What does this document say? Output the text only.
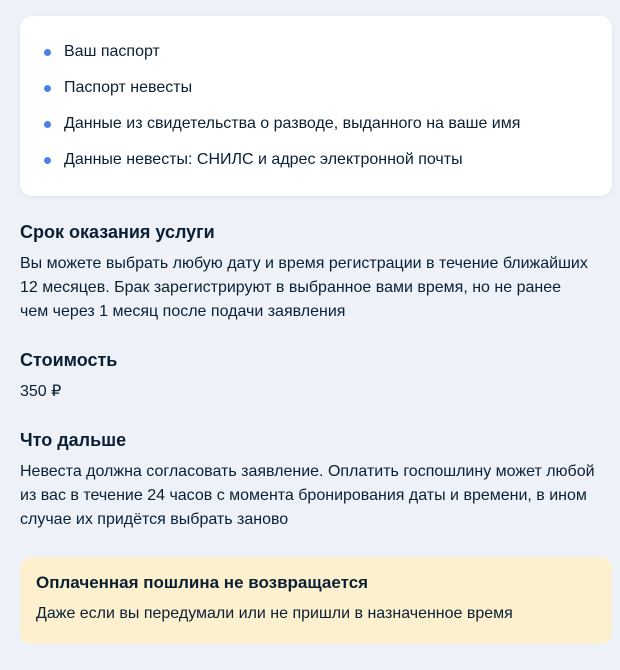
Ваш паспорт
Паспорт невесты
Данные из свидетельства о разводе, выданного на ваше имя
Данные невесты: СНИЛС и адрес электронной почты
Срок оказания услуги

Вы можете выбрать любую дату и время регистрации в течение ближайших
12 месяцев. Брак зарегистрируют в выбранное вами время, но не ранее
чем через 1 месяц после подачи заявления

Стоимость

350 ₽

Что дальше

Невеста должна согласовать заявление. Оплатить госпошлину может любой
из вас в течение 24 часов с момента бронирования даты и времени, в ином
случае их придётся выбрать заново

Оплаченная пошлина не возвращается

Даже если вы передумали или не пришли в назначенное время
